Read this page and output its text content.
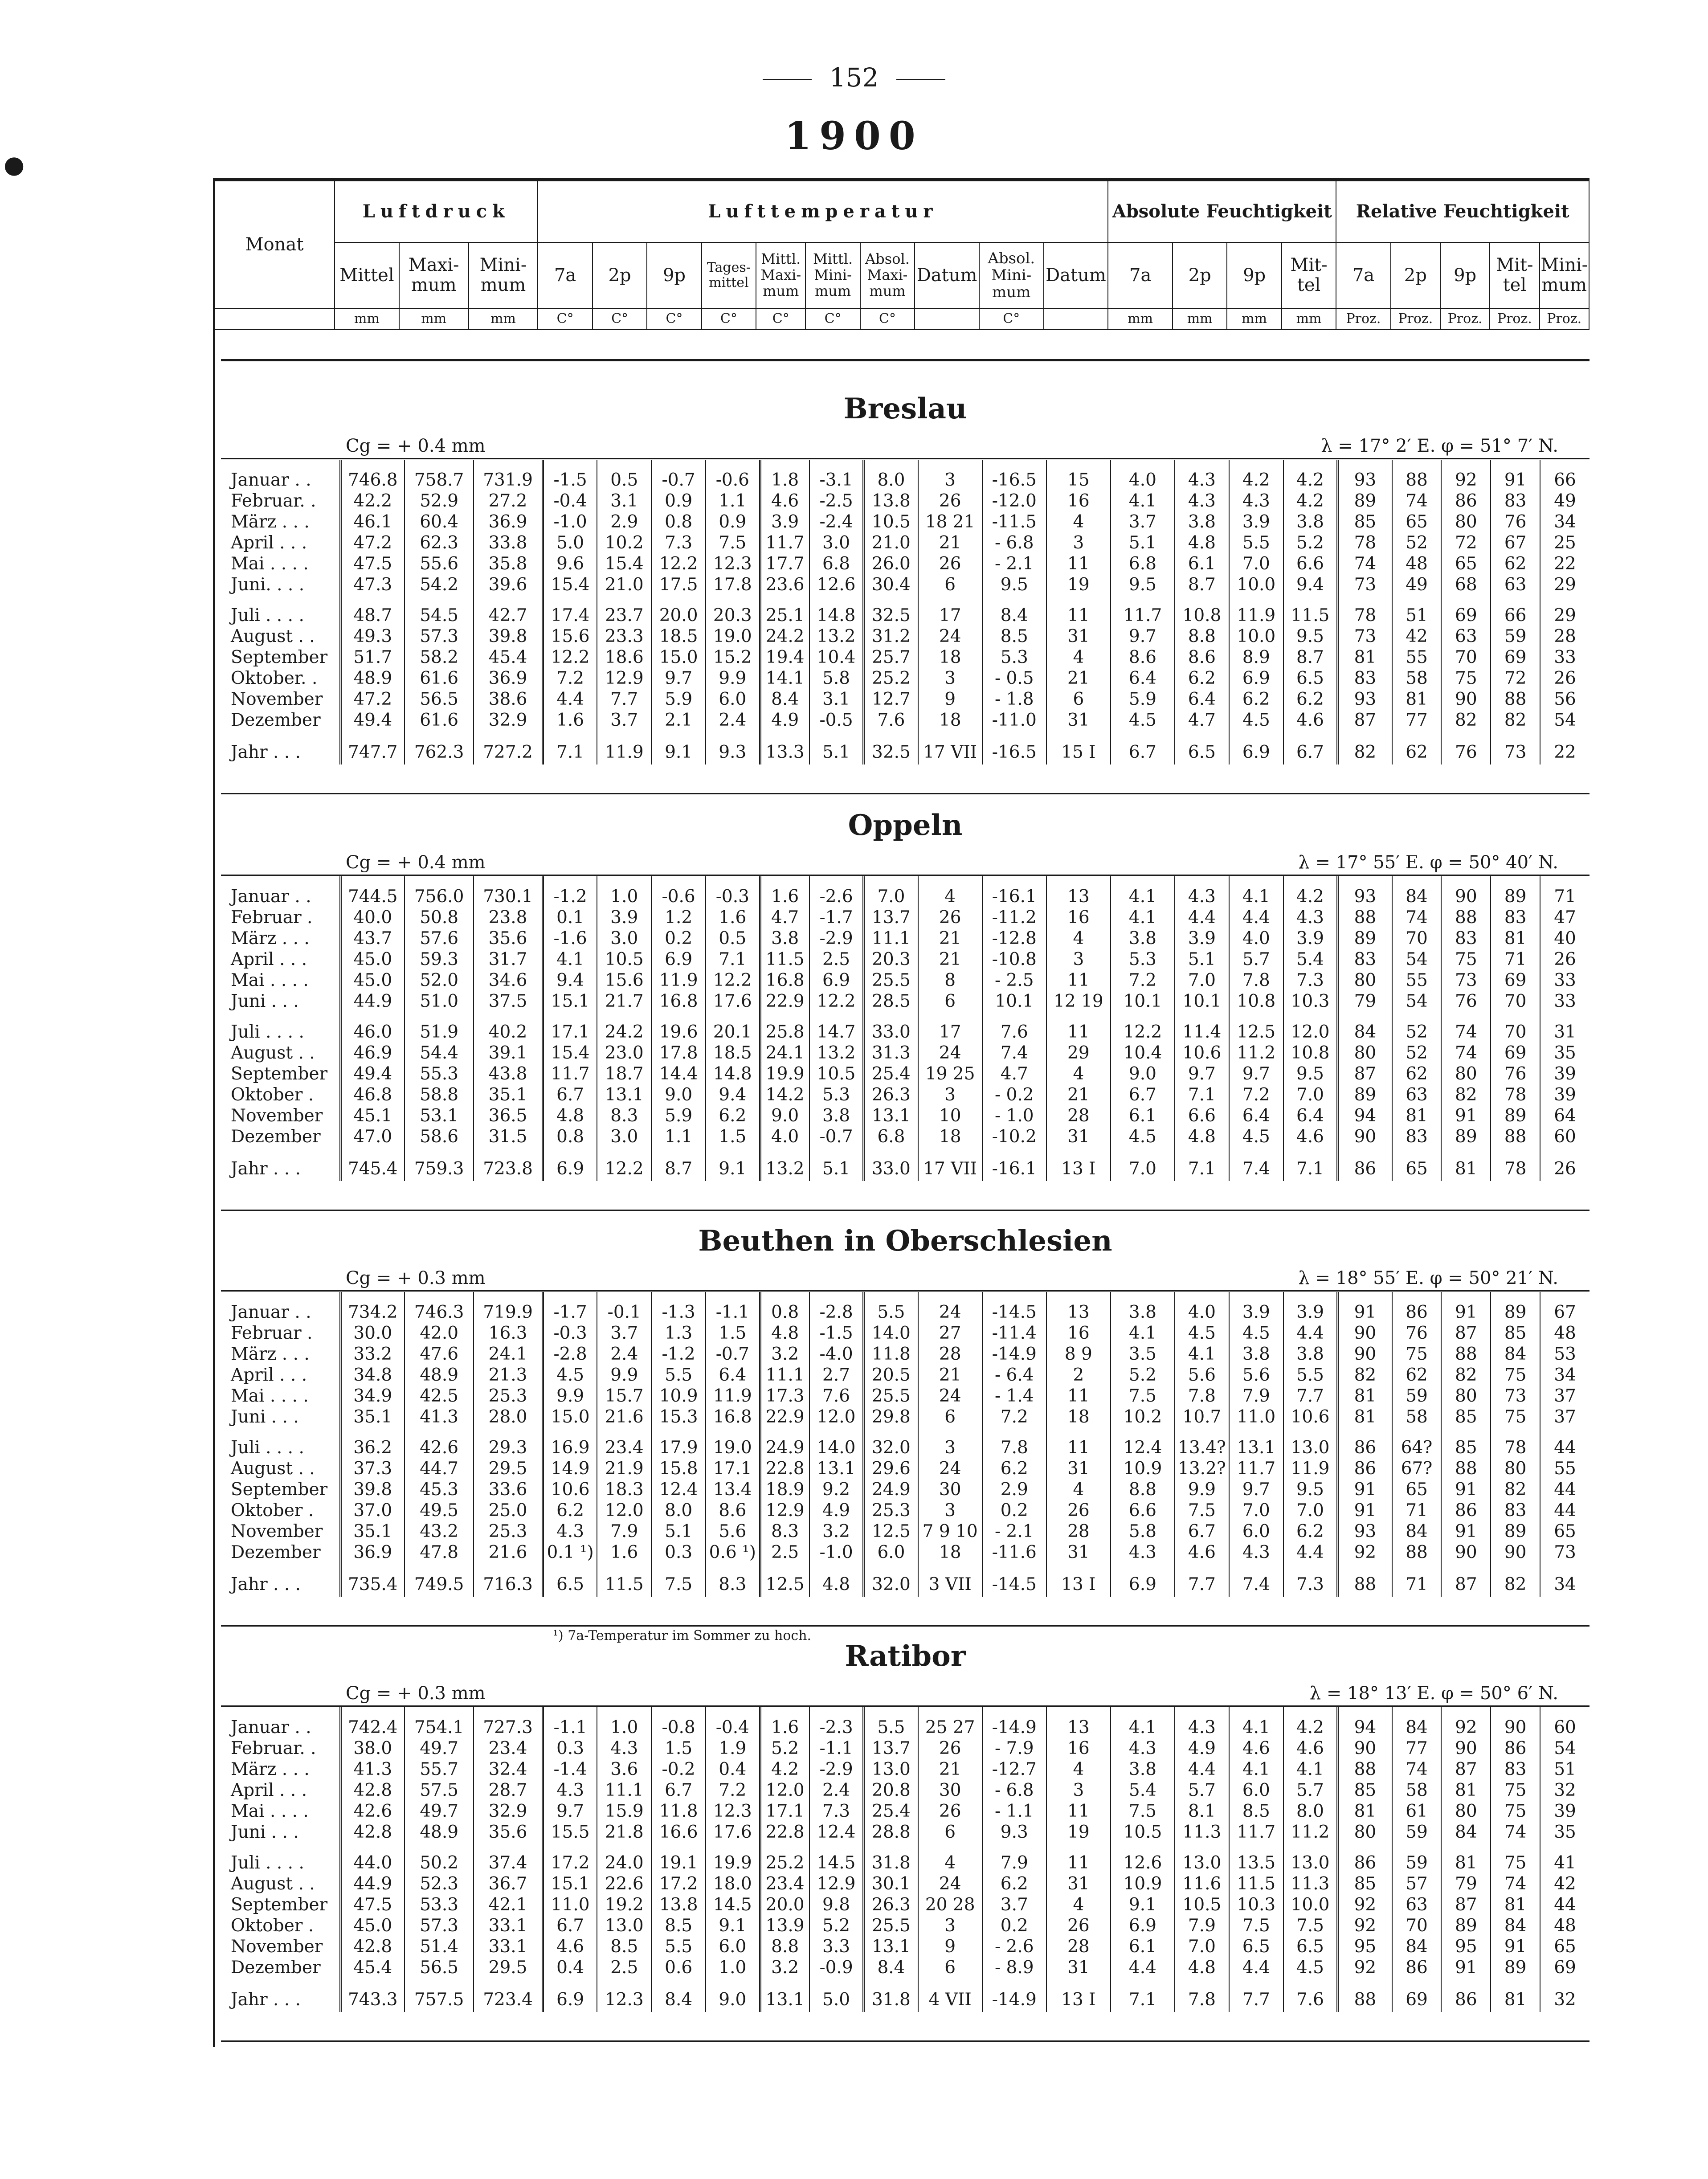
152
1900
●
Monat	Luftdruck			Lufttemperatur										Absolute Feuchtigkeit				Relative Feuchtigkeit				
	Mittel	Maxi-mum	Mini-mum	7a	2p	9p	Tages-mittel	Mittl. Maxi-mum	Mittl. Mini-mum	Absol. Maxi-mum	Datum	Absol. Mini-mum	Datum	7a	2p	9p	Mit-tel	7a	2p	9p	Mit-tel	Mini-mum
	mm	mm	mm	C°	C°	C°	C°	C°	C°	C°		C°		mm	mm	mm	mm	Proz.	Proz.	Proz.	Proz.	Proz.
Breslau
Cg = + 0.4 mm	λ = 17° 2′ E. φ = 51° 7′ N.

Januar . .	746.8	758.7	731.9	-1.5	0.5	-0.7	-0.6	1.8	-3.1	8.0	3	-16.5	15	4.0	4.3	4.2	4.2	93	88	92	91	66
Februar. .	42.2	52.9	27.2	-0.4	3.1	0.9	1.1	4.6	-2.5	13.8	26	-12.0	16	4.1	4.3	4.3	4.2	89	74	86	83	49
März . . .	46.1	60.4	36.9	-1.0	2.9	0.8	0.9	3.9	-2.4	10.5	18 21	-11.5	4	3.7	3.8	3.9	3.8	85	65	80	76	34
April . . .	47.2	62.3	33.8	5.0	10.2	7.3	7.5	11.7	3.0	21.0	21	- 6.8	3	5.1	4.8	5.5	5.2	78	52	72	67	25
Mai . . . .	47.5	55.6	35.8	9.6	15.4	12.2	12.3	17.7	6.8	26.0	26	- 2.1	11	6.8	6.1	7.0	6.6	74	48	65	62	22
Juni. . . .	47.3	54.2	39.6	15.4	21.0	17.5	17.8	23.6	12.6	30.4	6	9.5	19	9.5	8.7	10.0	9.4	73	49	68	63	29

Juli . . . .	48.7	54.5	42.7	17.4	23.7	20.0	20.3	25.1	14.8	32.5	17	8.4	11	11.7	10.8	11.9	11.5	78	51	69	66	29
August . .	49.3	57.3	39.8	15.6	23.3	18.5	19.0	24.2	13.2	31.2	24	8.5	31	9.7	8.8	10.0	9.5	73	42	63	59	28
September	51.7	58.2	45.4	12.2	18.6	15.0	15.2	19.4	10.4	25.7	18	5.3	4	8.6	8.6	8.9	8.7	81	55	70	69	33
Oktober. .	48.9	61.6	36.9	7.2	12.9	9.7	9.9	14.1	5.8	25.2	3	- 0.5	21	6.4	6.2	6.9	6.5	83	58	75	72	26
November	47.2	56.5	38.6	4.4	7.7	5.9	6.0	8.4	3.1	12.7	9	- 1.8	6	5.9	6.4	6.2	6.2	93	81	90	88	56
Dezember	49.4	61.6	32.9	1.6	3.7	2.1	2.4	4.9	-0.5	7.6	18	-11.0	31	4.5	4.7	4.5	4.6	87	77	82	82	54

Jahr . . .	747.7	762.3	727.2	7.1	11.9	9.1	9.3	13.3	5.1	32.5	17 VII	-16.5	15 I	6.7	6.5	6.9	6.7	82	62	76	73	22
Oppeln
Cg = + 0.4 mm	λ = 17° 55′ E. φ = 50° 40′ N.

Januar . .	744.5	756.0	730.1	-1.2	1.0	-0.6	-0.3	1.6	-2.6	7.0	4	-16.1	13	4.1	4.3	4.1	4.2	93	84	90	89	71
Februar .	40.0	50.8	23.8	0.1	3.9	1.2	1.6	4.7	-1.7	13.7	26	-11.2	16	4.1	4.4	4.4	4.3	88	74	88	83	47
März . . .	43.7	57.6	35.6	-1.6	3.0	0.2	0.5	3.8	-2.9	11.1	21	-12.8	4	3.8	3.9	4.0	3.9	89	70	83	81	40
April . . .	45.0	59.3	31.7	4.1	10.5	6.9	7.1	11.5	2.5	20.3	21	-10.8	3	5.3	5.1	5.7	5.4	83	54	75	71	26
Mai . . . .	45.0	52.0	34.6	9.4	15.6	11.9	12.2	16.8	6.9	25.5	8	- 2.5	11	7.2	7.0	7.8	7.3	80	55	73	69	33
Juni . . .	44.9	51.0	37.5	15.1	21.7	16.8	17.6	22.9	12.2	28.5	6	10.1	12 19	10.1	10.1	10.8	10.3	79	54	76	70	33

Juli . . . .	46.0	51.9	40.2	17.1	24.2	19.6	20.1	25.8	14.7	33.0	17	7.6	11	12.2	11.4	12.5	12.0	84	52	74	70	31
August . .	46.9	54.4	39.1	15.4	23.0	17.8	18.5	24.1	13.2	31.3	24	7.4	29	10.4	10.6	11.2	10.8	80	52	74	69	35
September	49.4	55.3	43.8	11.7	18.7	14.4	14.8	19.9	10.5	25.4	19 25	4.7	4	9.0	9.7	9.7	9.5	87	62	80	76	39
Oktober .	46.8	58.8	35.1	6.7	13.1	9.0	9.4	14.2	5.3	26.3	3	- 0.2	21	6.7	7.1	7.2	7.0	89	63	82	78	39
November	45.1	53.1	36.5	4.8	8.3	5.9	6.2	9.0	3.8	13.1	10	- 1.0	28	6.1	6.6	6.4	6.4	94	81	91	89	64
Dezember	47.0	58.6	31.5	0.8	3.0	1.1	1.5	4.0	-0.7	6.8	18	-10.2	31	4.5	4.8	4.5	4.6	90	83	89	88	60

Jahr . . .	745.4	759.3	723.8	6.9	12.2	8.7	9.1	13.2	5.1	33.0	17 VII	-16.1	13 I	7.0	7.1	7.4	7.1	86	65	81	78	26
Beuthen in Oberschlesien
Cg = + 0.3 mm	λ = 18° 55′ E. φ = 50° 21′ N.

Januar . .	734.2	746.3	719.9	-1.7	-0.1	-1.3	-1.1	0.8	-2.8	5.5	24	-14.5	13	3.8	4.0	3.9	3.9	91	86	91	89	67
Februar .	30.0	42.0	16.3	-0.3	3.7	1.3	1.5	4.8	-1.5	14.0	27	-11.4	16	4.1	4.5	4.5	4.4	90	76	87	85	48
März . . .	33.2	47.6	24.1	-2.8	2.4	-1.2	-0.7	3.2	-4.0	11.8	28	-14.9	8 9	3.5	4.1	3.8	3.8	90	75	88	84	53
April . . .	34.8	48.9	21.3	4.5	9.9	5.5	6.4	11.1	2.7	20.5	21	- 6.4	2	5.2	5.6	5.6	5.5	82	62	82	75	34
Mai . . . .	34.9	42.5	25.3	9.9	15.7	10.9	11.9	17.3	7.6	25.5	24	- 1.4	11	7.5	7.8	7.9	7.7	81	59	80	73	37
Juni . . .	35.1	41.3	28.0	15.0	21.6	15.3	16.8	22.9	12.0	29.8	6	7.2	18	10.2	10.7	11.0	10.6	81	58	85	75	37

Juli . . . .	36.2	42.6	29.3	16.9	23.4	17.9	19.0	24.9	14.0	32.0	3	7.8	11	12.4	13.4?	13.1	13.0	86	64?	85	78	44
August . .	37.3	44.7	29.5	14.9	21.9	15.8	17.1	22.8	13.1	29.6	24	6.2	31	10.9	13.2?	11.7	11.9	86	67?	88	80	55
September	39.8	45.3	33.6	10.6	18.3	12.4	13.4	18.9	9.2	24.9	30	2.9	4	8.8	9.9	9.7	9.5	91	65	91	82	44
Oktober .	37.0	49.5	25.0	6.2	12.0	8.0	8.6	12.9	4.9	25.3	3	0.2	26	6.6	7.5	7.0	7.0	91	71	86	83	44
November	35.1	43.2	25.3	4.3	7.9	5.1	5.6	8.3	3.2	12.5	7 9 10	- 2.1	28	5.8	6.7	6.0	6.2	93	84	91	89	65
Dezember	36.9	47.8	21.6	0.1 ¹)	1.6	0.3	0.6 ¹)	2.5	-1.0	6.0	18	-11.6	31	4.3	4.6	4.3	4.4	92	88	90	90	73

Jahr . . .	735.4	749.5	716.3	6.5	11.5	7.5	8.3	12.5	4.8	32.0	3 VII	-14.5	13 I	6.9	7.7	7.4	7.3	88	71	87	82	34
¹) 7a-Temperatur im Sommer zu hoch.
Ratibor
Cg = + 0.3 mm	λ = 18° 13′ E. φ = 50° 6′ N.

Januar . .	742.4	754.1	727.3	-1.1	1.0	-0.8	-0.4	1.6	-2.3	5.5	25 27	-14.9	13	4.1	4.3	4.1	4.2	94	84	92	90	60
Februar. .	38.0	49.7	23.4	0.3	4.3	1.5	1.9	5.2	-1.1	13.7	26	- 7.9	16	4.3	4.9	4.6	4.6	90	77	90	86	54
März . . .	41.3	55.7	32.4	-1.4	3.6	-0.2	0.4	4.2	-2.9	13.0	21	-12.7	4	3.8	4.4	4.1	4.1	88	74	87	83	51
April . . .	42.8	57.5	28.7	4.3	11.1	6.7	7.2	12.0	2.4	20.8	30	- 6.8	3	5.4	5.7	6.0	5.7	85	58	81	75	32
Mai . . . .	42.6	49.7	32.9	9.7	15.9	11.8	12.3	17.1	7.3	25.4	26	- 1.1	11	7.5	8.1	8.5	8.0	81	61	80	75	39
Juni . . .	42.8	48.9	35.6	15.5	21.8	16.6	17.6	22.8	12.4	28.8	6	9.3	19	10.5	11.3	11.7	11.2	80	59	84	74	35

Juli . . . .	44.0	50.2	37.4	17.2	24.0	19.1	19.9	25.2	14.5	31.8	4	7.9	11	12.6	13.0	13.5	13.0	86	59	81	75	41
August . .	44.9	52.3	36.7	15.1	22.6	17.2	18.0	23.4	12.9	30.1	24	6.2	31	10.9	11.6	11.5	11.3	85	57	79	74	42
September	47.5	53.3	42.1	11.0	19.2	13.8	14.5	20.0	9.8	26.3	20 28	3.7	4	9.1	10.5	10.3	10.0	92	63	87	81	44
Oktober .	45.0	57.3	33.1	6.7	13.0	8.5	9.1	13.9	5.2	25.5	3	0.2	26	6.9	7.9	7.5	7.5	92	70	89	84	48
November	42.8	51.4	33.1	4.6	8.5	5.5	6.0	8.8	3.3	13.1	9	- 2.6	28	6.1	7.0	6.5	6.5	95	84	95	91	65
Dezember	45.4	56.5	29.5	0.4	2.5	0.6	1.0	3.2	-0.9	8.4	6	- 8.9	31	4.4	4.8	4.4	4.5	92	86	91	89	69

Jahr . . .	743.3	757.5	723.4	6.9	12.3	8.4	9.0	13.1	5.0	31.8	4 VII	-14.9	13 I	7.1	7.8	7.7	7.6	88	69	86	81	32
